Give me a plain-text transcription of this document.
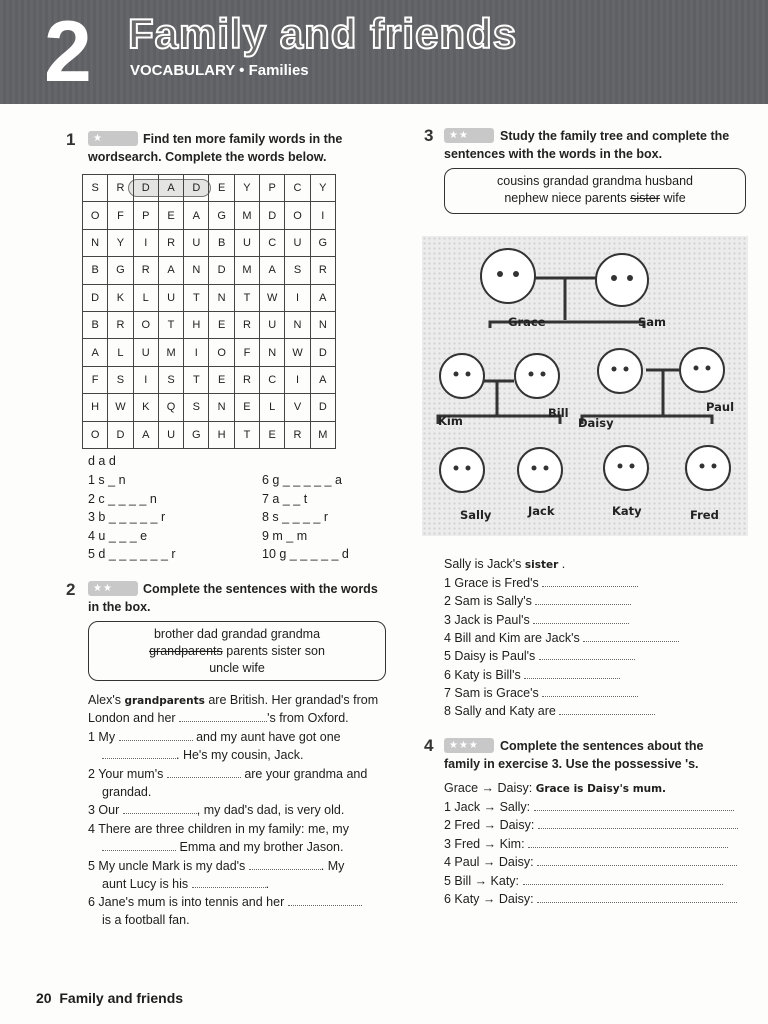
2 Family and friends
VOCABULARY • Families
1	★	Find ten more family words in the
wordsearch. Complete the words below.
S	R	D	A	D	E	Y	P	C	Y
O	F	P	E	A	G	M	D	O	I
N	Y	I	R	U	B	U	C	U	G
B	G	R	A	N	D	M	A	S	R
D	K	L	U	T	N	T	W	I	A
B	R	O	T	H	E	R	U	N	N
A	L	U	M	I	O	F	N	W	D
F	S	I	S	T	E	R	C	I	A
H	W	K	Q	S	N	E	L	V	D
O	D	A	U	G	H	T	E	R	M
d a d
2	★★	Complete the sentences with the words
in the box.
brother dad grandad grandma
grandparents parents sister son
uncle wife
Alex's grandparents are British. Her grandad's from
London and her	's from Oxford.
1 My	and my aunt have got one
. He's my cousin, Jack.
2 Your mum's	are your grandma and
grandad.
3 Our	, my dad's dad, is very old.
4 There are three children in my family: me, my
Emma and my brother Jason.
5 My uncle Mark is my dad's	. My
aunt Lucy is his	.
6 Jane's mum is into tennis and her
is a football fan.
3	★★	Study the family tree and complete the
sentences with the words in the box.
cousins grandad grandma husband
nephew niece parents sister wife
Grace	Sam
Kim
Bill
Daisy
Paul
Sally	Jack	Katy	Fred
Sally is Jack's sister .
4	★★★	Complete the sentences about the
family in exercise 3. Use the possessive 's.
Grace → Daisy: Grace is Daisy's mum.
20 Family and friends
1 s _ n
2 c _ _ _ _ n
3 b _ _ _ _ _ r
4 u _ _ _ e
5 d _ _ _ _ _ _ r
6 g _ _ _ _ _ a
7 a _ _ t
8 s _ _ _ _ r
9 m _ m
10 g _ _ _ _ _ d
1 Grace is Fred's
2 Sam is Sally's
3 Jack is Paul's
4 Bill and Kim are Jack's
5 Daisy is Paul's
6 Katy is Bill's
7 Sam is Grace's
8 Sally and Katy are
1 Jack → Sally:
2 Fred → Daisy:
3 Fred → Kim:
4 Paul → Daisy:
5 Bill → Katy:
6 Katy → Daisy:
